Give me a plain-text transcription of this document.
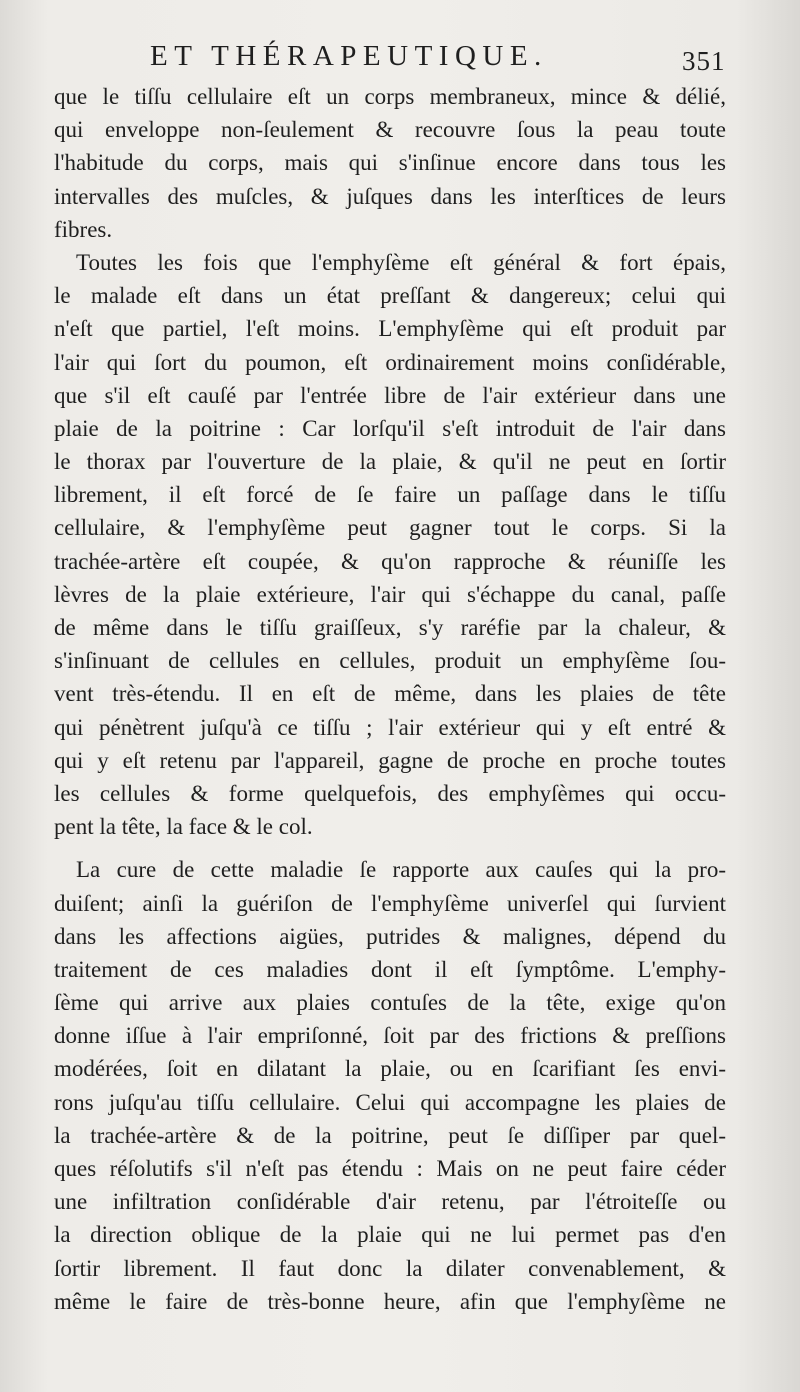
ET THÉRAPEUTIQUE.	351
que le tiſſu cellulaire eſt un corps membraneux, mince & délié,
qui enveloppe non-ſeulement & recouvre ſous la peau toute
l'habitude du corps, mais qui s'inſinue encore dans tous les
intervalles des muſcles, & juſques dans les interſtices de leurs
fibres.
Toutes les fois que l'emphyſème eſt général & fort épais,
le malade eſt dans un état preſſant & dangereux; celui qui
n'eſt que partiel, l'eſt moins. L'emphyſème qui eſt produit par
l'air qui ſort du poumon, eſt ordinairement moins conſidérable,
que s'il eſt cauſé par l'entrée libre de l'air extérieur dans une
plaie de la poitrine : Car lorſqu'il s'eſt introduit de l'air dans
le thorax par l'ouverture de la plaie, & qu'il ne peut en ſortir
librement, il eſt forcé de ſe faire un paſſage dans le tiſſu
cellulaire, & l'emphyſème peut gagner tout le corps. Si la
trachée-artère eſt coupée, & qu'on rapproche & réuniſſe les
lèvres de la plaie extérieure, l'air qui s'échappe du canal, paſſe
de même dans le tiſſu graiſſeux, s'y raréfie par la chaleur, &
s'inſinuant de cellules en cellules, produit un emphyſème ſou-
vent très-étendu. Il en eſt de même, dans les plaies de tête
qui pénètrent juſqu'à ce tiſſu ; l'air extérieur qui y eſt entré &
qui y eſt retenu par l'appareil, gagne de proche en proche toutes
les cellules & forme quelquefois, des emphyſèmes qui occu-
pent la tête, la face & le col.
La cure de cette maladie ſe rapporte aux cauſes qui la pro-
duiſent; ainſi la guériſon de l'emphyſème univerſel qui ſurvient
dans les affections aigües, putrides & malignes, dépend du
traitement de ces maladies dont il eſt ſymptôme. L'emphy-
ſème qui arrive aux plaies contuſes de la tête, exige qu'on
donne iſſue à l'air empriſonné, ſoit par des frictions & preſſions
modérées, ſoit en dilatant la plaie, ou en ſcarifiant ſes envi-
rons juſqu'au tiſſu cellulaire. Celui qui accompagne les plaies de
la trachée-artère & de la poitrine, peut ſe diſſiper par quel-
ques réſolutifs s'il n'eſt pas étendu : Mais on ne peut faire céder
une infiltration conſidérable d'air retenu, par l'étroiteſſe ou
la direction oblique de la plaie qui ne lui permet pas d'en
ſortir librement. Il faut donc la dilater convenablement, &
même le faire de très-bonne heure, afin que l'emphyſème ne
